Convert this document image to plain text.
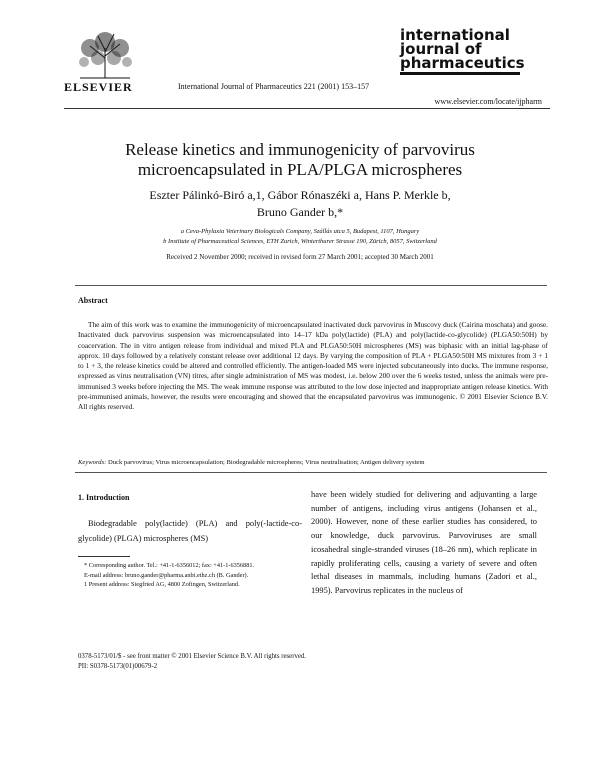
ELSEVIER	International Journal of Pharmaceutics 221 (2001) 153–157
international
journal of
pharmaceutics
www.elsevier.com/locate/ijpharm
Release kinetics and immunogenicity of parvovirus
microencapsulated in PLA/PLGA microspheres
Eszter Pálinkó-Biró a,1, Gábor Rónaszéki a, Hans P. Merkle b,
Bruno Gander b,*
a Ceva-Phylaxia Veterinary Biologicals Company, Szállás utca 5, Budapest, 1107, Hungary
b Institute of Pharmaceutical Sciences, ETH Zurich, Winterthurer Strasse 190, Zürich, 8057, Switzerland
Received 2 November 2000; received in revised form 27 March 2001; accepted 30 March 2001
Abstract
The aim of this work was to examine the immunogenicity of microencapsulated inactivated duck parvovirus in Muscovy duck (Cairina moschata) and goose. Inactivated duck parvovirus suspension was microencapsulated into 14–17 kDa poly(lactide) (PLA) and poly(lactide-co-glycolide) (PLGA50:50H) by coacervation. The in vitro antigen release from individual and mixed PLA and PLGA50:50H microspheres (MS) was biphasic with an initial lag-phase of approx. 10 days followed by a relatively constant release over additional 12 days. By varying the composition of PLA + PLGA50:50H MS mixtures from 3 + 1 to 1 + 3, the release kinetics could be altered and controlled efficiently. The antigen-loaded MS were injected subcutaneously into ducks. The immune response, expressed as virus neutralisation (VN) titres, after single administration of MS was modest, i.e. below 200 over the 6 weeks tested, unless the animals were pre-immunised 3 weeks before injecting the MS. The weak immune response was attributed to the low dose injected and inappropriate antigen release kinetics. With pre-immunised animals, however, the results were encouraging and showed that the encapsulated parvovirus was immunogenic. © 2001 Elsevier Science B.V. All rights reserved.
Keywords: Duck parvovirus; Virus microencapsulation; Biodegradable microspheres; Virus neutralisation; Antigen delivery system
1. Introduction
Biodegradable poly(lactide) (PLA) and poly(-lactide-co-glycolide) (PLGA) microspheres (MS)
* Corresponding author. Tel.: +41-1-6356012; fax: +41-1-6356881.
E-mail address: bruno.gander@pharma.anbi.ethz.ch (B. Gander).
1 Present address: Siegfried AG, 4800 Zofingen, Switzerland.
have been widely studied for delivering and adjuvanting a large number of antigens, including virus antigens (Johansen et al., 2000). However, none of these earlier studies has considered, to our knowledge, duck parvovirus. Parvoviruses are small icosahedral single-stranded viruses (18–26 nm), which replicate in rapidly proliferating cells, causing a variety of severe and often lethal diseases in mammals, including humans (Zadori et al., 1995). Parvovirus replicates in the nucleus of
0378-5173/01/$ - see front matter © 2001 Elsevier Science B.V. All rights reserved.
PII: S0378-5173(01)00679-2
